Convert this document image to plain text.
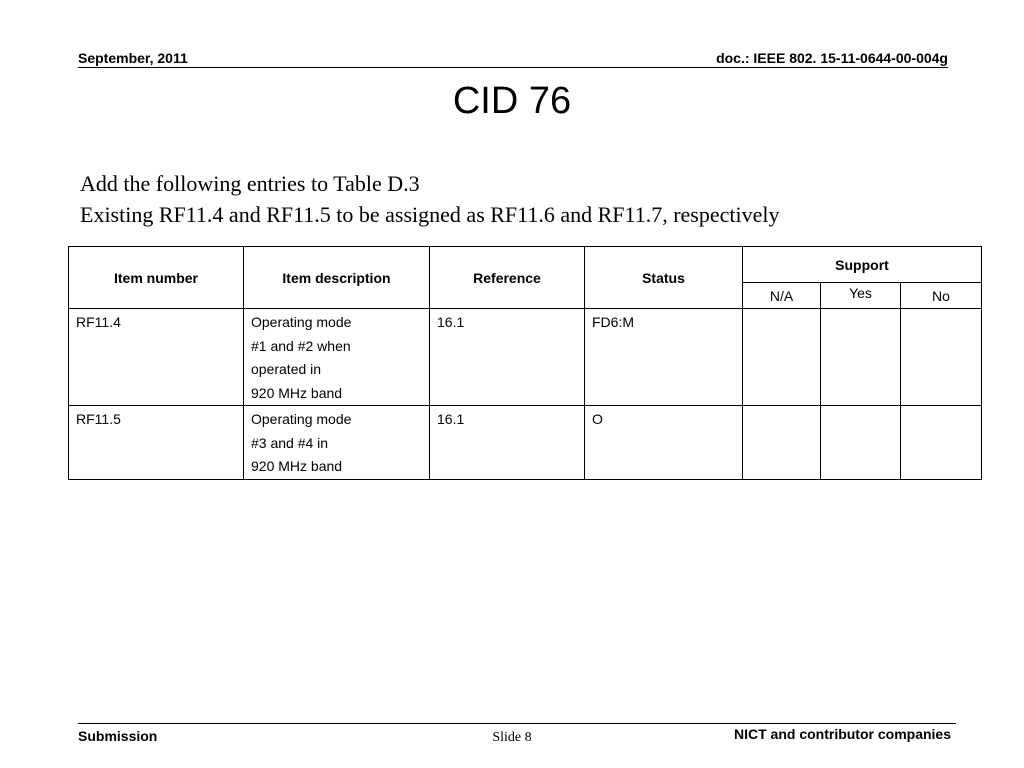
September, 2011	doc.: IEEE 802. 15-11-0644-00-004g
CID 76
Add the following entries to Table D.3
Existing RF11.4 and RF11.5 to be assigned as RF11.6 and RF11.7, respectively
Item number	Item description	Reference	Status	Support		
				N/A	Yes	No
RF11.4	Operating mode
#1 and #2 when
operated in
920 MHz band	16.1	FD6:M			
RF11.5	Operating mode
#3 and #4 in
920 MHz band	16.1	O			
Submission	Slide 8	NICT and contributor companies
